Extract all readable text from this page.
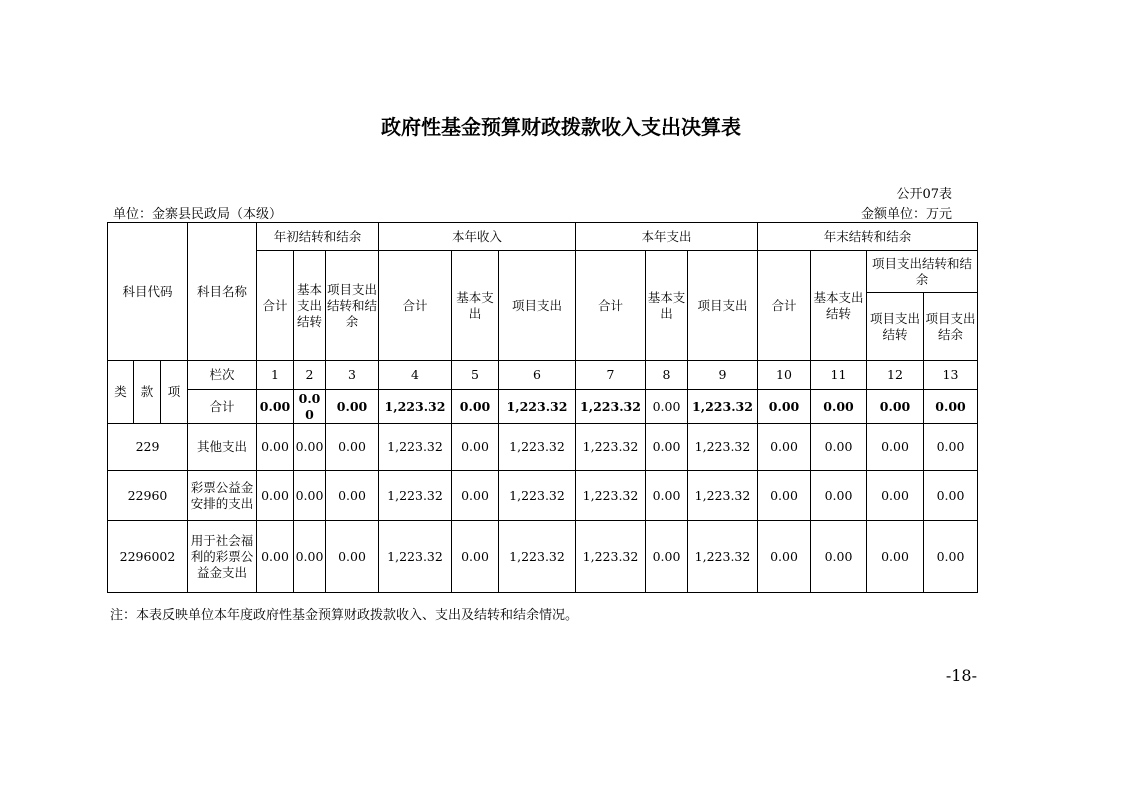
政府性基金预算财政拨款收入支出决算表
公开07表
单位：金寨县民政局（本级）	金额单位：万元
科目代码			科目名称	年初结转和结余			本年收入			本年支出			年末结转和结余			
				合计	基本支出结转	项目支出结转和结余	合计	基本支出	项目支出	合计	基本支出	项目支出	合计	基本支出结转	项目支出结转和结余	
															项目支出结转	项目支出结余
类	款	项	栏次	1	2	3	4	5	6	7	8	9	10	11	12	13
			合计	0.00	0.00	0.00	1,223.32	0.00	1,223.32	1,223.32	0.00	1,223.32	0.00	0.00	0.00	0.00
229			其他支出	0.00	0.00	0.00	1,223.32	0.00	1,223.32	1,223.32	0.00	1,223.32	0.00	0.00	0.00	0.00
22960			彩票公益金安排的支出	0.00	0.00	0.00	1,223.32	0.00	1,223.32	1,223.32	0.00	1,223.32	0.00	0.00	0.00	0.00
2296002			用于社会福利的彩票公益金支出	0.00	0.00	0.00	1,223.32	0.00	1,223.32	1,223.32	0.00	1,223.32	0.00	0.00	0.00	0.00
注：本表反映单位本年度政府性基金预算财政拨款收入、支出及结转和结余情况。
-18-
